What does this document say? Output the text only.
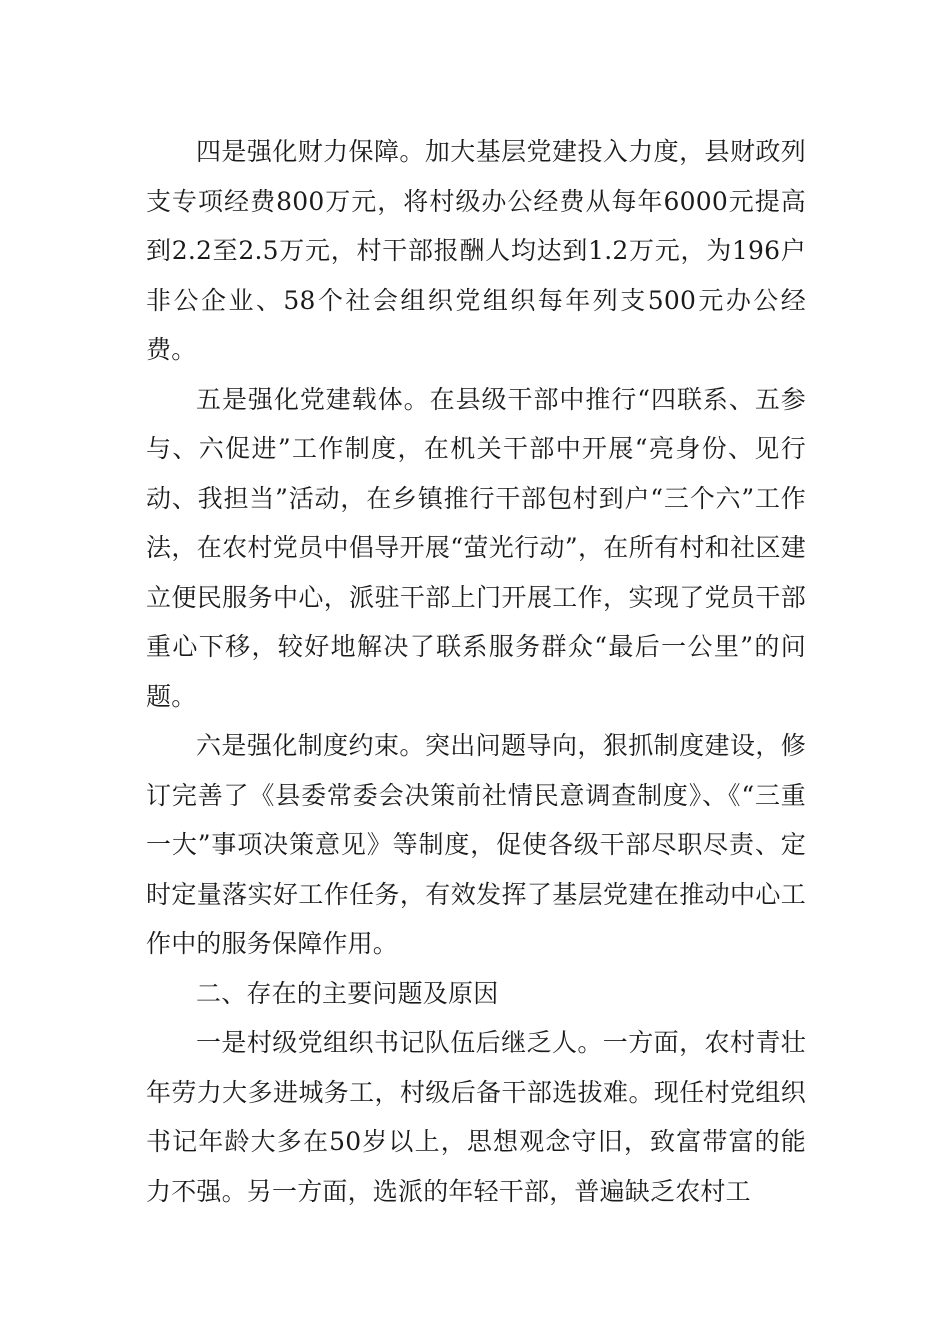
四是强化财力保障。加大基层党建投入力度，县财政列支专项经费800万元，将村级办公经费从每年6000元提高到2.2至2.5万元，村干部报酬人均达到1.2万元，为196户非公企业、58个社会组织党组织每年列支500元办公经费。

五是强化党建载体。在县级干部中推行“四联系、五参与、六促进”工作制度，在机关干部中开展“亮身份、见行动、我担当”活动，在乡镇推行干部包村到户“三个六”工作法，在农村党员中倡导开展“萤光行动”，在所有村和社区建立便民服务中心，派驻干部上门开展工作，实现了党员干部重心下移，较好地解决了联系服务群众“最后一公里”的问题。

六是强化制度约束。突出问题导向，狠抓制度建设，修订完善了《县委常委会决策前社情民意调查制度》、《“三重一大”事项决策意见》等制度，促使各级干部尽职尽责、定时定量落实好工作任务，有效发挥了基层党建在推动中心工作中的服务保障作用。

二、存在的主要问题及原因

一是村级党组织书记队伍后继乏人。一方面，农村青壮年劳力大多进城务工，村级后备干部选拔难。现任村党组织书记年龄大多在50岁以上，思想观念守旧，致富带富的能力不强。另一方面，选派的年轻干部，普遍缺乏农村工
